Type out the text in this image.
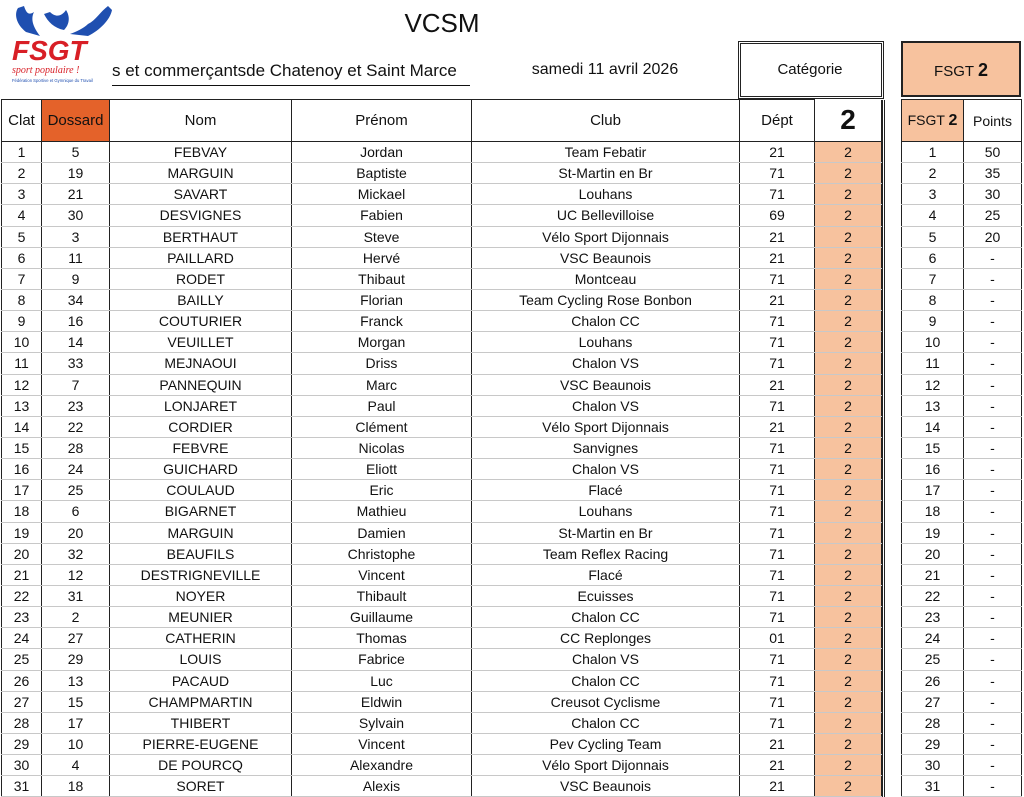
FSGT
sport populaire !
Fédération Sportive et Gymnique du Travail
VCSM
s et commerçantsde Chatenoy et Saint Marce	samedi 11 avril 2026	Catégorie	FSGT 2
Clat	Dossard	Nom	Prénom	Club	Dépt	2	
1	5	FEBVAY	Jordan	Team Febatir	21	2	
2	19	MARGUIN	Baptiste	St-Martin en Br	71	2	
3	21	SAVART	Mickael	Louhans	71	2	
4	30	DESVIGNES	Fabien	UC Bellevilloise	69	2	
5	3	BERTHAUT	Steve	Vélo Sport Dijonnais	21	2	
6	11	PAILLARD	Hervé	VSC Beaunois	21	2	
7	9	RODET	Thibaut	Montceau	71	2	
8	34	BAILLY	Florian	Team Cycling Rose Bonbon	21	2	
9	16	COUTURIER	Franck	Chalon CC	71	2	
10	14	VEUILLET	Morgan	Louhans	71	2	
11	33	MEJNAOUI	Driss	Chalon VS	71	2	
12	7	PANNEQUIN	Marc	VSC Beaunois	21	2	
13	23	LONJARET	Paul	Chalon VS	71	2	
14	22	CORDIER	Clément	Vélo Sport Dijonnais	21	2	
15	28	FEBVRE	Nicolas	Sanvignes	71	2	
16	24	GUICHARD	Eliott	Chalon VS	71	2	
17	25	COULAUD	Eric	Flacé	71	2	
18	6	BIGARNET	Mathieu	Louhans	71	2	
19	20	MARGUIN	Damien	St-Martin en Br	71	2	
20	32	BEAUFILS	Christophe	Team Reflex Racing	71	2	
21	12	DESTRIGNEVILLE	Vincent	Flacé	71	2	
22	31	NOYER	Thibault	Ecuisses	71	2	
23	2	MEUNIER	Guillaume	Chalon CC	71	2	
24	27	CATHERIN	Thomas	CC Replonges	01	2	
25	29	LOUIS	Fabrice	Chalon VS	71	2	
26	13	PACAUD	Luc	Chalon CC	71	2	
27	15	CHAMPMARTIN	Eldwin	Creusot Cyclisme	71	2	
28	17	THIBERT	Sylvain	Chalon CC	71	2	
29	10	PIERRE-EUGENE	Vincent	Pev Cycling Team	21	2	
30	4	DE POURCQ	Alexandre	Vélo Sport Dijonnais	21	2	
31	18	SORET	Alexis	VSC Beaunois	21	2	
FSGT 2	Points
1	50
2	35
3	30
4	25
5	20
6	-
7	-
8	-
9	-
10	-
11	-
12	-
13	-
14	-
15	-
16	-
17	-
18	-
19	-
20	-
21	-
22	-
23	-
24	-
25	-
26	-
27	-
28	-
29	-
30	-
31	-
